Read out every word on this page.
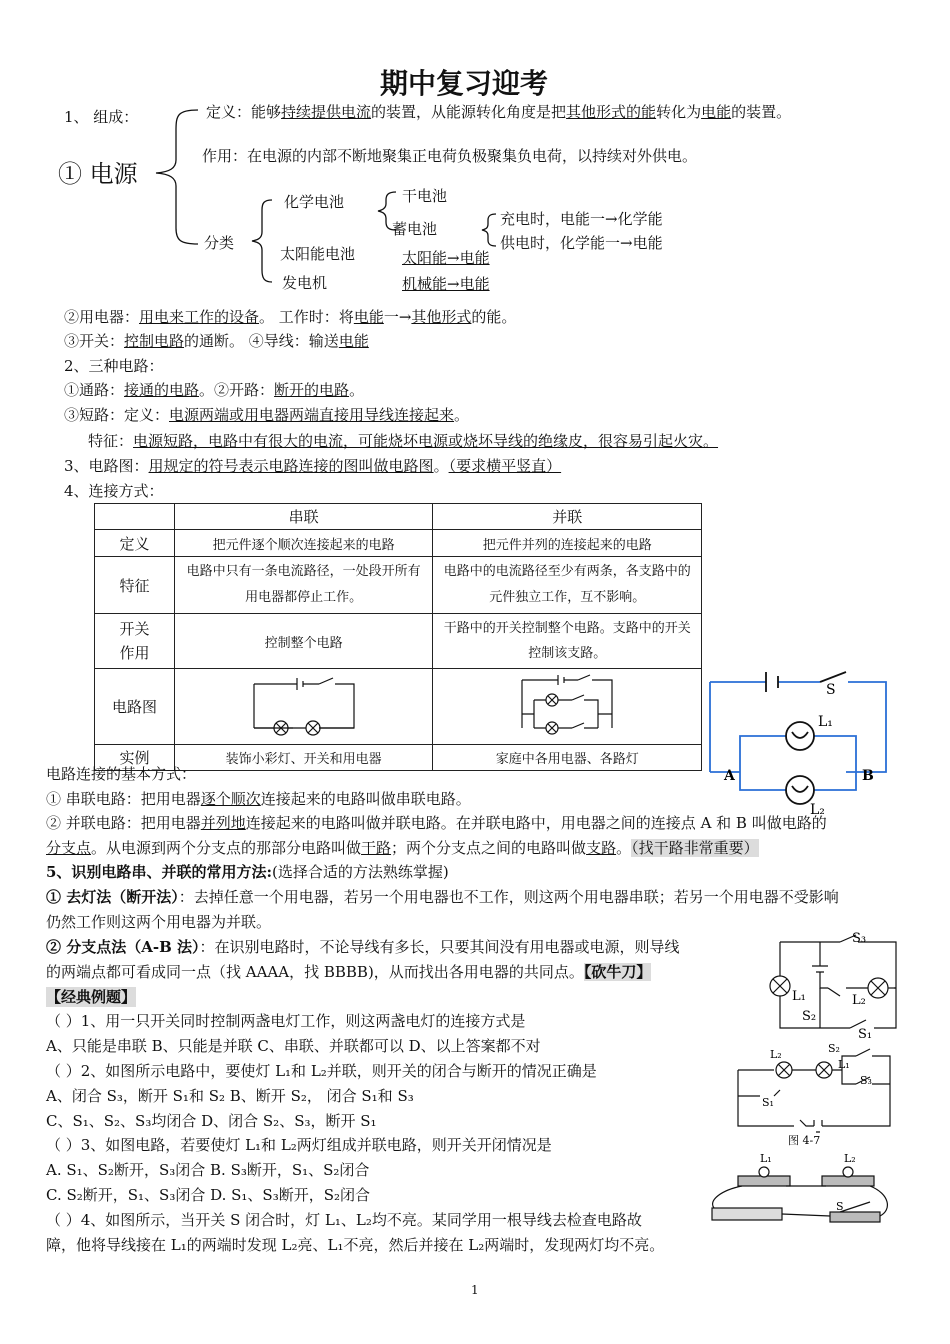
期中复习迎考
1、 组成：
① 电源
定义：能够持续提供电流的装置，从能源转化角度是把其他形式的能转化为电能的装置。
作用：在电源的内部不断地聚集正电荷负极聚集负电荷，以持续对外供电。
分类
化学电池	干电池
蓄电池
充电时，电能一→化学能
供电时，化学能一→电能
太阳能电池	太阳能→电能
发电机	机械能→电能
②用电器：用电来工作的设备。 工作时：将电能一→其他形式的能。
③开关：控制电路的通断。 ④导线：输送电能
2、三种电路：
①通路：接通的电路。②开路：断开的电路。
③短路：定义：电源两端或用电器两端直接用导线连接起来。
特征：电源短路，电路中有很大的电流，可能烧坏电源或烧坏导线的绝缘皮，很容易引起火灾。
3、电路图：用规定的符号表示电路连接的图叫做电路图。（要求横平竖直）
4、连接方式：
	串联	并联
定义	把元件逐个顺次连接起来的电路	把元件并列的连接起来的电路
特征	电路中只有一条电流路径，一处段开所有用电器都停止工作。	电路中的电流路径至少有两条，各支路中的元件独立工作，互不影响。
开关作用	控制整个电路	干路中的开关控制整个电路。支路中的开关控制该支路。
电路图		
实例	装饰小彩灯、开关和用电器	家庭中各用电器、各路灯
S
L₁
L₂
A	B
电路连接的基本方式：
① 串联电路：把用电器逐个顺次连接起来的电路叫做串联电路。
② 并联电路：把用电器并列地连接起来的电路叫做并联电路。在并联电路中，用电器之间的连接点 A 和 B 叫做电路的
分支点。从电源到两个分支点的那部分电路叫做干路；两个分支点之间的电路叫做支路。（找干路非常重要）
5、识别电路串、并联的常用方法:(选择合适的方法熟练掌握)
① 去灯法（断开法）：去掉任意一个用电器，若另一个用电器也不工作，则这两个用电器串联；若另一个用电器不受影响
仍然工作则这两个用电器为并联。
② 分支点法（A-B 法）：在识别电路时，不论导线有多长，只要其间没有用电器或电源，则导线
的两端点都可看成同一点（找 AAAA，找 BBBB)，从而找出各用电器的共同点。【砍牛刀】
【经典例题】
（ ）1、用一只开关同时控制两盏电灯工作，则这两盏电灯的连接方式是
A、只能是串联 B、只能是并联 C、串联、并联都可以 D、以上答案都不对
（ ）2、如图所示电路中，要使灯 L₁和 L₂并联，则开关的闭合与断开的情况正确是
A、闭合 S₃，断开 S₁和 S₂ B、断开 S₂， 闭合 S₁和 S₃
C、S₁、S₂、S₃均闭合 D、闭合 S₂、S₃，断开 S₁
（ ）3、如图电路，若要使灯 L₁和 L₂两灯组成并联电路，则开关开闭情况是
A. S₁、S₂断开，S₃闭合 B. S₃断开，S₁、S₂闭合
C. S₂断开，S₁、S₃闭合 D. S₁、S₃断开，S₂闭合
（ ）4、如图所示，当开关 S 闭合时，灯 L₁、L₂均不亮。某同学用一根导线去检查电路故
障，他将导线接在 L₁的两端时发现 L₂亮、L₁不亮，然后并接在 L₂两端时，发现两灯均不亮。
S₃
L₁
S₂
L₂
S₁
L₂
L₁
S₂
S₃
S₁
图 4-7
L₁	L₂
S
1
